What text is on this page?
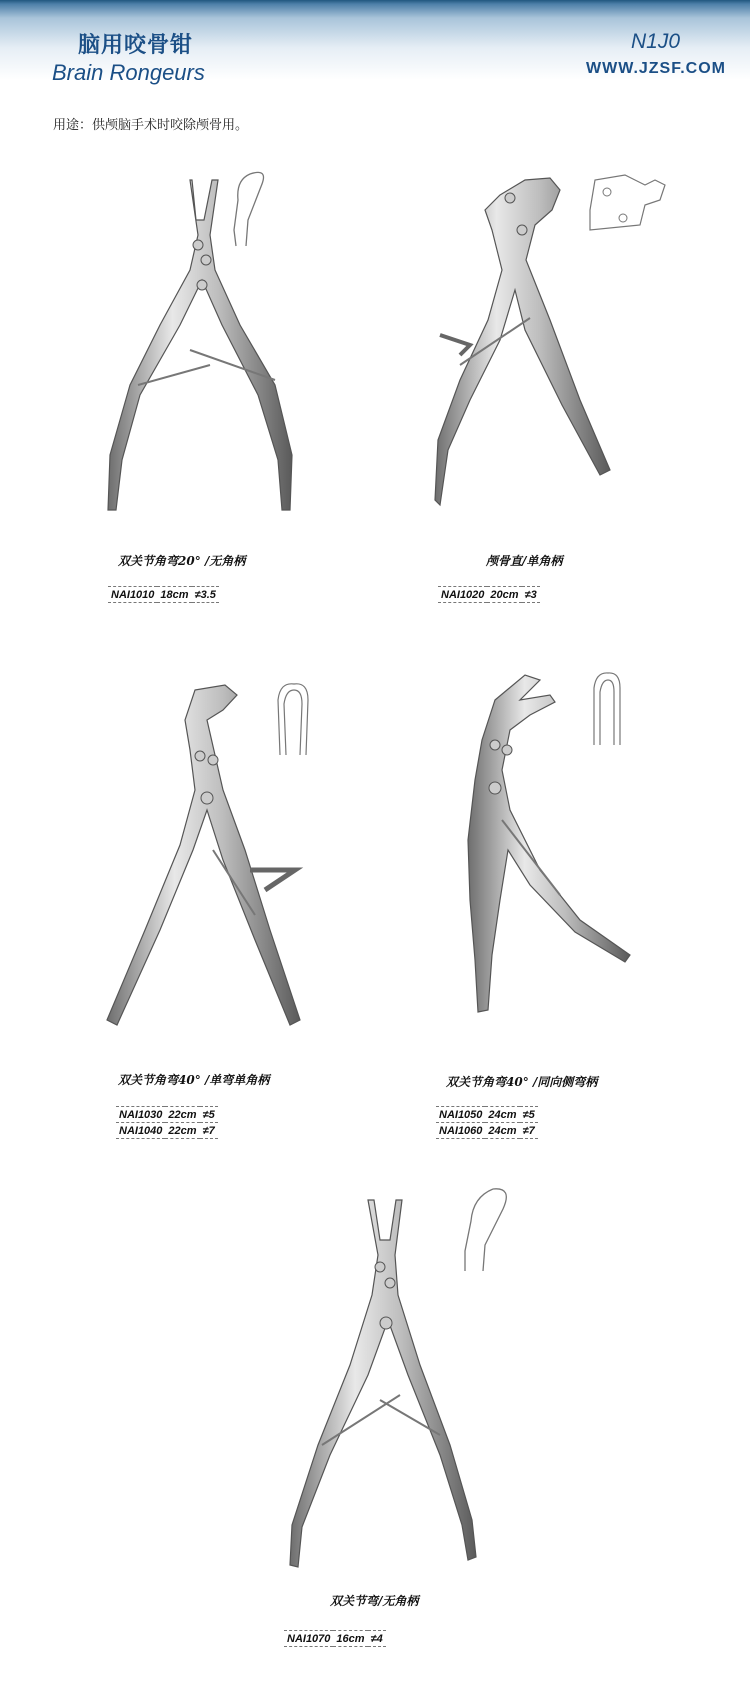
脑用咬骨钳
Brain Rongeurs
N1J0
WWW.JZSF.COM
用途：供颅脑手术时咬除颅骨用。
双关节角弯20° /无角柄
NAI1010	18cm	≠3.5
颅骨直/单角柄
NAI1020	20cm	≠3
双关节角弯40° /单弯单角柄
NAI1030	22cm	≠5
NAI1040	22cm	≠7
双关节角弯40° /同向侧弯柄
NAI1050	24cm	≠5
NAI1060	24cm	≠7
双关节弯/无角柄
NAI1070	16cm	≠4
